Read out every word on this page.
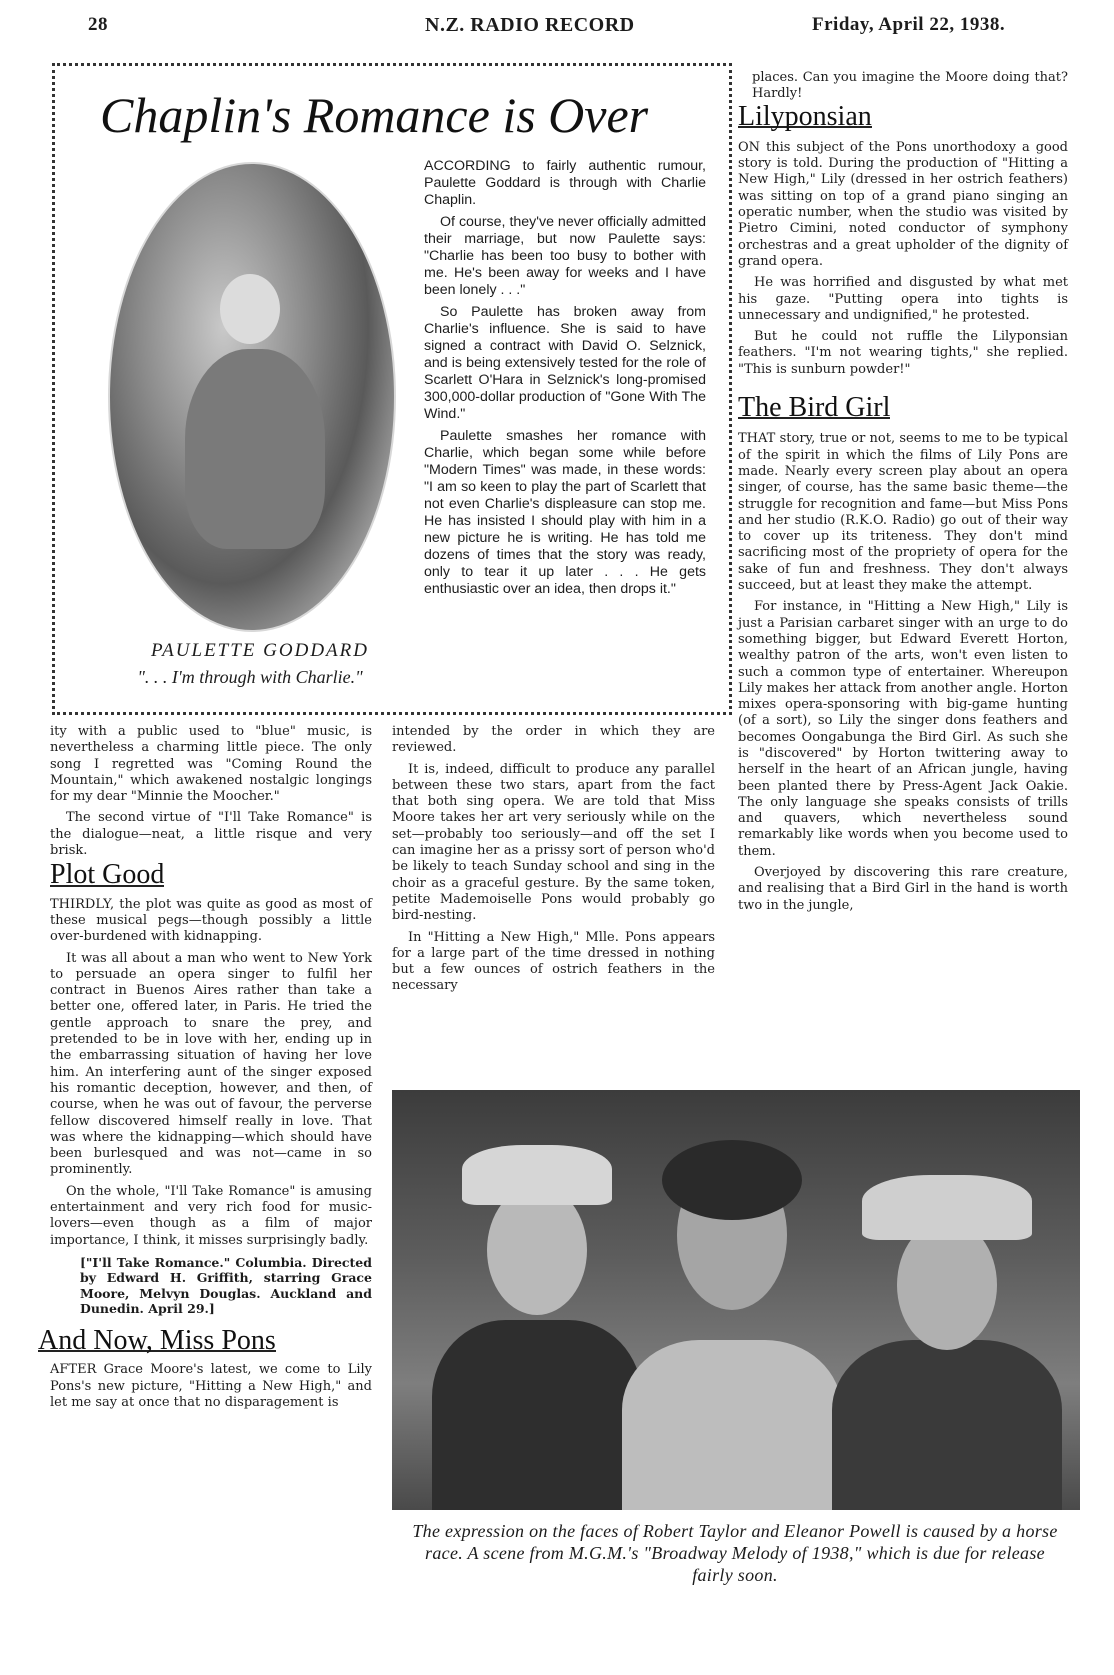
28	N.Z. RADIO RECORD	Friday, April 22, 1938.
Chaplin's Romance is Over
PAULETTE GODDARD
". . . I'm through with Charlie."

ACCORDING to fairly authentic rumour, Paulette Goddard is through with Charlie Chaplin.

Of course, they've never officially admitted their marriage, but now Paulette says: "Charlie has been too busy to bother with me. He's been away for weeks and I have been lonely . . ."

So Paulette has broken away from Charlie's influence. She is said to have signed a contract with David O. Selznick, and is being extensively tested for the role of Scarlett O'Hara in Selznick's long-promised 300,000-dollar production of "Gone With The Wind."

Paulette smashes her romance with Charlie, which began some while before "Modern Times" was made, in these words: "I am so keen to play the part of Scarlett that not even Charlie's displeasure can stop me. He has insisted I should play with him in a new picture he is writing. He has told me dozens of times that the story was ready, only to tear it up later . . . He gets enthusiastic over an idea, then drops it."

ity with a public used to "blue" music, is nevertheless a charming little piece. The only song I regretted was "Coming Round the Mountain," which awakened nostalgic longings for my dear "Minnie the Moocher."

The second virtue of "I'll Take Romance" is the dialogue—neat, a little risque and very brisk.

Plot Good

THIRDLY, the plot was quite as good as most of these musical pegs—though possibly a little over-burdened with kidnapping.

It was all about a man who went to New York to persuade an opera singer to fulfil her contract in Buenos Aires rather than take a better one, offered later, in Paris. He tried the gentle approach to snare the prey, and pretended to be in love with her, ending up in the embarrassing situation of having her love him. An interfering aunt of the singer exposed his romantic deception, however, and then, of course, when he was out of favour, the perverse fellow discovered himself really in love. That was where the kidnapping—which should have been burlesqued and was not—came in so prominently.

On the whole, "I'll Take Romance" is amusing entertainment and very rich food for music-lovers—even though as a film of major importance, I think, it misses surprisingly badly.

["I'll Take Romance." Columbia. Directed by Edward H. Griffith, starring Grace Moore, Melvyn Douglas. Auckland and Dunedin. April 29.]
And Now, Miss Pons

AFTER Grace Moore's latest, we come to Lily Pons's new picture, "Hitting a New High," and let me say at once that no disparagement is

intended by the order in which they are reviewed.

It is, indeed, difficult to produce any parallel between these two stars, apart from the fact that both sing opera. We are told that Miss Moore takes her art very seriously while on the set—probably too seriously—and off the set I can imagine her as a prissy sort of person who'd be likely to teach Sunday school and sing in the choir as a graceful gesture. By the same token, petite Mademoiselle Pons would probably go bird-nesting.

In "Hitting a New High," Mlle. Pons appears for a large part of the time dressed in nothing but a few ounces of ostrich feathers in the necessary

places. Can you imagine the Moore doing that? Hardly!

Lilyponsian

ON this subject of the Pons unorthodoxy a good story is told. During the production of "Hitting a New High," Lily (dressed in her ostrich feathers) was sitting on top of a grand piano singing an operatic number, when the studio was visited by Pietro Cimini, noted conductor of symphony orchestras and a great upholder of the dignity of grand opera.

He was horrified and disgusted by what met his gaze. "Putting opera into tights is unnecessary and undignified," he protested.

But he could not ruffle the Lilyponsian feathers. "I'm not wearing tights," she replied. "This is sunburn powder!"

The Bird Girl

THAT story, true or not, seems to me to be typical of the spirit in which the films of Lily Pons are made. Nearly every screen play about an opera singer, of course, has the same basic theme—the struggle for recognition and fame—but Miss Pons and her studio (R.K.O. Radio) go out of their way to cover up its triteness. They don't mind sacrificing most of the propriety of opera for the sake of fun and freshness. They don't always succeed, but at least they make the attempt.

For instance, in "Hitting a New High," Lily is just a Parisian carbaret singer with an urge to do something bigger, but Edward Everett Horton, wealthy patron of the arts, won't even listen to such a common type of entertainer. Whereupon Lily makes her attack from another angle. Horton mixes opera-sponsoring with big-game hunting (of a sort), so Lily the singer dons feathers and becomes Oongabunga the Bird Girl. As such she is "discovered" by Horton twittering away to herself in the heart of an African jungle, having been planted there by Press-Agent Jack Oakie. The only language she speaks consists of trills and quavers, which nevertheless sound remarkably like words when you become used to them.

Overjoyed by discovering this rare creature, and realising that a Bird Girl in the hand is worth two in the jungle,

The expression on the faces of Robert Taylor and Eleanor Powell is caused by a horse race. A scene from M.G.M.'s "Broadway Melody of 1938," which is due for release fairly soon.
